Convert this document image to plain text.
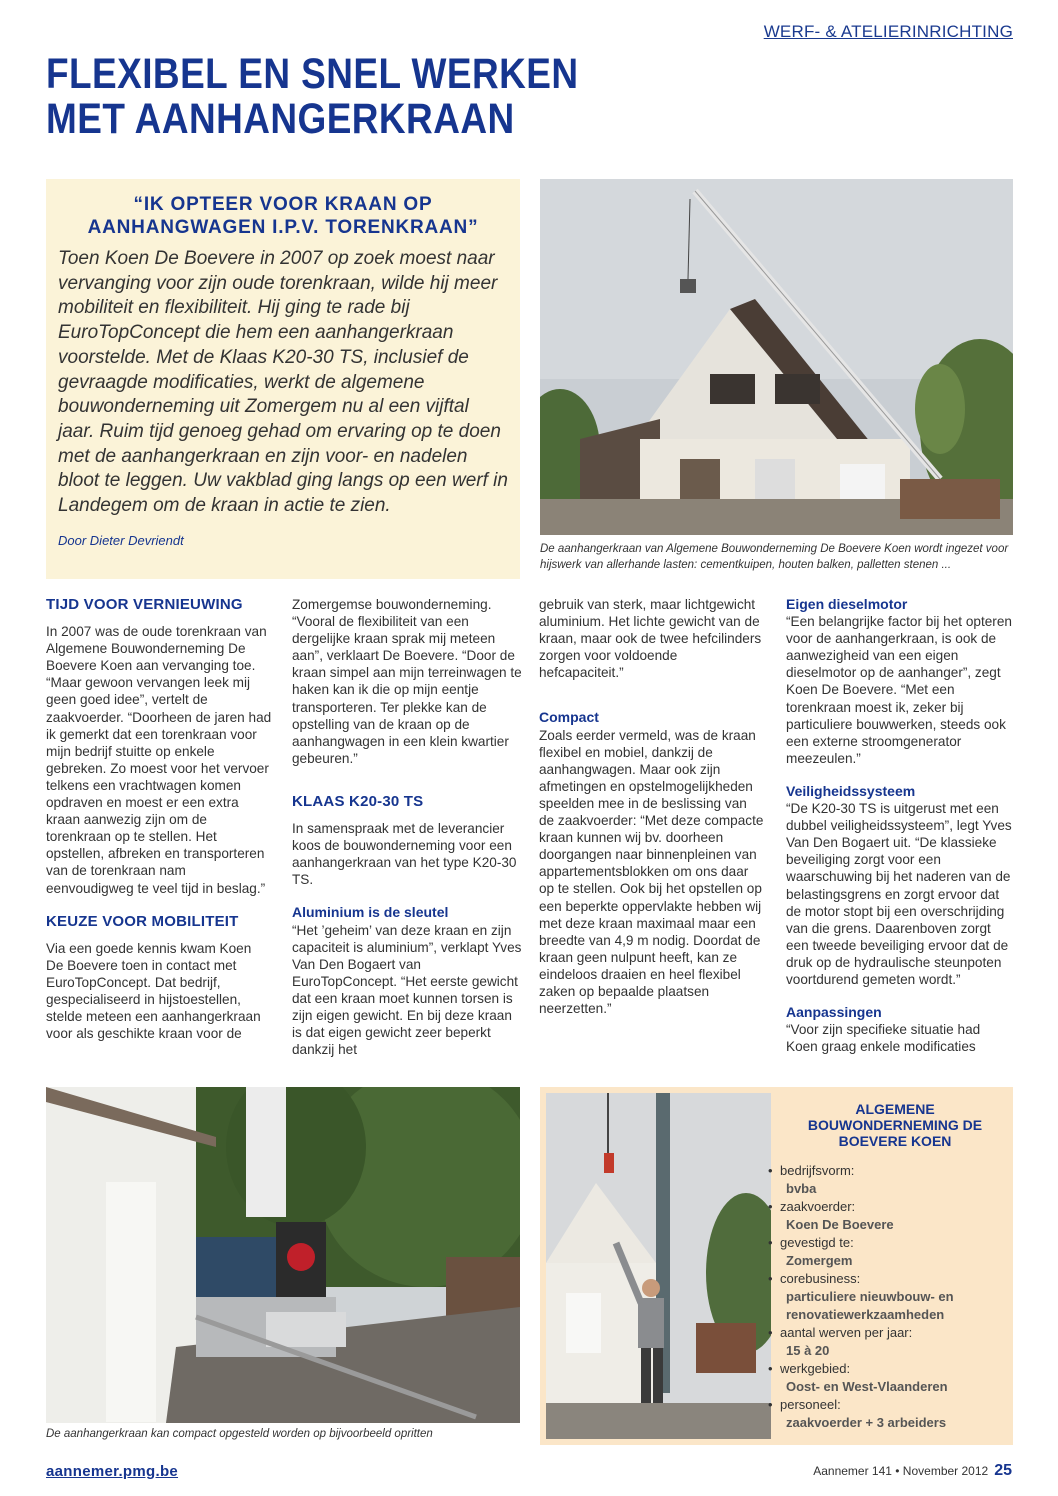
WERF- & ATELIERINRICHTING
FLEXIBEL EN SNEL WERKEN
MET AANHANGERKRAAN
“IK OPTEER VOOR KRAAN OP AANHANGWAGEN I.P.V. TORENKRAAN”
Toen Koen De Boevere in 2007 op zoek moest naar vervanging voor zijn oude torenkraan, wilde hij meer mobiliteit en flexibiliteit. Hij ging te rade bij EuroTopConcept die hem een aanhangerkraan voorstelde. Met de Klaas K20-30 TS, inclusief de gevraagde modificaties, werkt de algemene bouwonderneming uit Zomergem nu al een vijftal jaar. Ruim tijd genoeg gehad om ervaring op te doen met de aanhangerkraan en zijn voor- en nadelen bloot te leggen. Uw vakblad ging langs op een werf in Landegem om de kraan in actie te zien.
Door Dieter Devriendt
De aanhangerkraan van Algemene Bouwonderneming De Boevere Koen wordt ingezet voor hijswerk van allerhande lasten: cementkuipen, houten balken, palletten stenen ...
TIJD VOOR VERNIEUWING

In 2007 was de oude torenkraan van Algemene Bouwonderneming De Boevere Koen aan vervanging toe. “Maar gewoon vervangen leek mij geen goed idee”, vertelt de zaakvoerder. “Doorheen de jaren had ik gemerkt dat een torenkraan voor mijn bedrijf stuitte op enkele gebreken. Zo moest voor het vervoer telkens een vrachtwagen komen opdraven en moest er een extra kraan aanwezig zijn om de torenkraan op te stellen. Het opstellen, afbreken en transporteren van de torenkraan nam eenvoudigweg te veel tijd in beslag.”

KEUZE VOOR MOBILITEIT

Via een goede kennis kwam Koen De Boevere toen in contact met EuroTopConcept. Dat bedrijf, gespecialiseerd in hijstoestellen, stelde meteen een aanhangerkraan voor als geschikte kraan voor de

Zomergemse bouwonderneming. “Vooral de flexibiliteit van een dergelijke kraan sprak mij meteen aan”, verklaart De Boevere. “Door de kraan simpel aan mijn terreinwagen te haken kan ik die op mijn eentje transporteren. Ter plekke kan de opstelling van de kraan op de aanhangwagen in een klein kwartier gebeuren.”

KLAAS K20-30 TS

In samenspraak met de leverancier koos de bouwonderneming voor een aanhangerkraan van het type K20-30 TS.

Aluminium is de sleutel

“Het ’geheim’ van deze kraan en zijn capaciteit is aluminium”, verklapt Yves Van Den Bogaert van EuroTopConcept. “Het eerste gewicht dat een kraan moet kunnen torsen is zijn eigen gewicht. En bij deze kraan is dat eigen gewicht zeer beperkt dankzij het

gebruik van sterk, maar lichtgewicht aluminium. Het lichte gewicht van de kraan, maar ook de twee hefcilinders zorgen voor voldoende hefcapaciteit.”

Compact

Zoals eerder vermeld, was de kraan flexibel en mobiel, dankzij de aanhangwagen. Maar ook zijn afmetingen en opstelmogelijkheden speelden mee in de beslissing van de zaakvoerder: “Met deze compacte kraan kunnen wij bv. doorheen doorgangen naar binnenpleinen van appartementsblokken om ons daar op te stellen. Ook bij het opstellen op een beperkte oppervlakte hebben wij met deze kraan maximaal maar een breedte van 4,9 m nodig. Doordat de kraan geen nulpunt heeft, kan ze eindeloos draaien en heel flexibel zaken op bepaalde plaatsen neerzetten.”

Eigen dieselmotor

“Een belangrijke factor bij het opteren voor de aanhangerkraan, is ook de aanwezigheid van een eigen dieselmotor op de aanhanger”, zegt Koen De Boevere. “Met een torenkraan moest ik, zeker bij particuliere bouwwerken, steeds ook een externe stroomgenerator meezeulen.”

Veiligheidssysteem

“De K20-30 TS is uitgerust met een dubbel veiligheidssysteem”, legt Yves Van Den Bogaert uit. “De klassieke beveiliging zorgt voor een waarschuwing bij het naderen van de belastingsgrens en zorgt ervoor dat de motor stopt bij een overschrijding van die grens. Daarenboven zorgt een tweede beveiliging ervoor dat de druk op de hydraulische steunpoten voortdurend gemeten wordt.”

Aanpassingen

“Voor zijn specifieke situatie had Koen graag enkele modificaties

De aanhangerkraan kan compact opgesteld worden op bijvoorbeeld opritten
ALGEMENE BOUWONDERNEMING DE BOEVERE KOEN
• bedrijfsvorm:
bvba
• zaakvoerder:
Koen De Boevere
• gevestigd te:
Zomergem
• corebusiness:
particuliere nieuwbouw- en renovatiewerkzaamheden
• aantal werven per jaar:
15 à 20
• werkgebied:
Oost- en West-Vlaanderen
• personeel:
zaakvoerder + 3 arbeiders
aannemer.pmg.be	Aannemer 141 • November 2012 25
